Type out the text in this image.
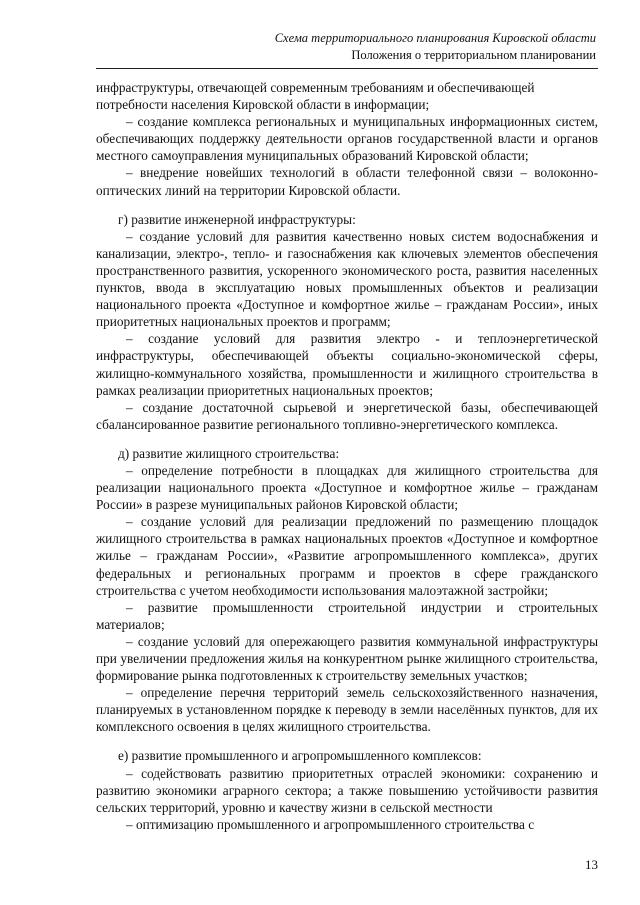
Схема территориального планирования Кировской области
Положения о территориальном планировании

инфраструктуры, отвечающей современным требованиям и обеспечивающей потребности населения Кировской области в информации;

– создание комплекса региональных и муниципальных информационных систем, обеспечивающих поддержку деятельности органов государственной власти и органов местного самоуправления муниципальных образований Кировской области;

– внедрение новейших технологий в области телефонной связи – волоконно-оптических линий на территории Кировской области.

г) развитие инженерной инфраструктуры:

– создание условий для развития качественно новых систем водоснабжения и канализации, электро-, тепло- и газоснабжения как ключевых элементов обеспечения пространственного развития, ускоренного экономического роста, развития населенных пунктов, ввода в эксплуатацию новых промышленных объектов и реализации национального проекта «Доступное и комфортное жилье – гражданам России», иных приоритетных национальных проектов и программ;

– создание условий для развития электро - и теплоэнергетической инфраструктуры, обеспечивающей объекты социально-экономической сферы, жилищно-коммунального хозяйства, промышленности и жилищного строительства в рамках реализации приоритетных национальных проектов;

– создание достаточной сырьевой и энергетической базы, обеспечивающей сбалансированное развитие регионального топливно-энергетического комплекса.

д) развитие жилищного строительства:

– определение потребности в площадках для жилищного строительства для реализации национального проекта «Доступное и комфортное жилье – гражданам России» в разрезе муниципальных районов Кировской области;

– создание условий для реализации предложений по размещению площадок жилищного строительства в рамках национальных проектов «Доступное и комфортное жилье – гражданам России», «Развитие агропромышленного комплекса», других федеральных и региональных программ и проектов в сфере гражданского строительства с учетом необходимости использования малоэтажной застройки;

– развитие промышленности строительной индустрии и строительных материалов;

– создание условий для опережающего развития коммунальной инфраструктуры при увеличении предложения жилья на конкурентном рынке жилищного строительства, формирование рынка подготовленных к строительству земельных участков;

– определение перечня территорий земель сельскохозяйственного назначения, планируемых в установленном порядке к переводу в земли населённых пунктов, для их комплексного освоения в целях жилищного строительства.

е) развитие промышленного и агропромышленного комплексов:

– содействовать развитию приоритетных отраслей экономики: сохранению и развитию экономики аграрного сектора; а также повышению устойчивости развития сельских территорий, уровню и качеству жизни в сельской местности

– оптимизацию промышленного и агропромышленного строительства с

13
